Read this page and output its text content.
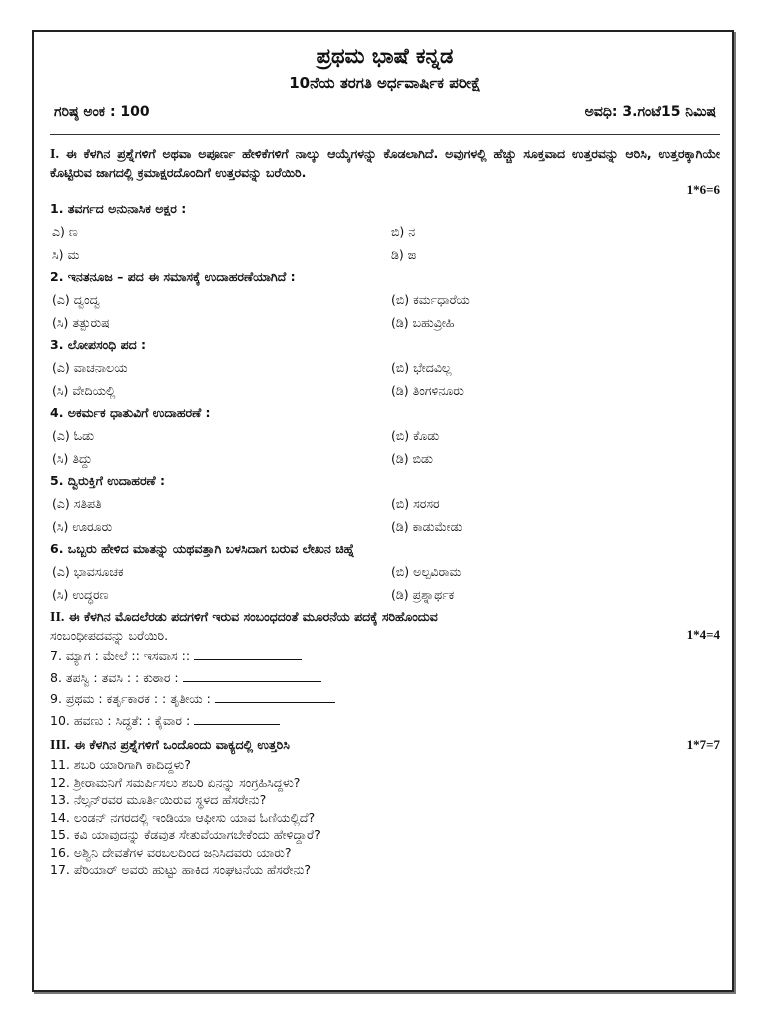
ಪ್ರಥಮ ಭಾಷೆ ಕನ್ನಡ

10ನೆಯ ತರಗತಿ ಅರ್ಧವಾರ್ಷಿಕ ಪರೀಕ್ಷೆ

ಗರಿಷ್ಠ ಅಂಕ : 100	ಅವಧಿ: 3.ಗಂಟೆ15 ನಿಮಿಷ

I. ಈ ಕೆಳಗಿನ ಪ್ರಶ್ನೆಗಳಿಗೆ ಅಥವಾ ಅಪೂರ್ಣ ಹೇಳಿಕೆಗಳಿಗೆ ನಾಲ್ಕು ಆಯ್ಕೆಗಳನ್ನು ಕೊಡಲಾಗಿದೆ. ಅವುಗಳಲ್ಲಿ ಹೆಚ್ಚು ಸೂಕ್ತವಾದ ಉತ್ತರವನ್ನು ಆರಿಸಿ, ಉತ್ತರಕ್ಕಾಗಿಯೇ ಕೊಟ್ಟಿರುವ ಜಾಗದಲ್ಲಿ ಕ್ರಮಾಕ್ಷರದೊಂದಿಗೆ ಉತ್ತರವನ್ನು ಬರೆಯಿರಿ.

1*6=6

1. ತವರ್ಗದ ಅನುನಾಸಿಕ ಅಕ್ಷರ :

ಎ) ಣ	ಬಿ) ನ
ಸಿ) ಮ	ಡಿ) ಙ

2. ಇನತನೂಜ – ಪದ ಈ ಸಮಾಸಕ್ಕೆ ಉದಾಹರಣೆಯಾಗಿದೆ :

(ಎ) ದ್ವಂದ್ವ	(ಬಿ) ಕರ್ಮಧಾರೆಯ
(ಸಿ) ತತ್ಪುರುಷ	(ಡಿ) ಬಹುವ್ರೀಹಿ

3. ಲೋಪಸಂಧಿ ಪದ :

(ಎ) ವಾಚನಾಲಯ	(ಬಿ) ಭೇದವಿಲ್ಲ
(ಸಿ) ವೇದಿಯಲ್ಲಿ	(ಡಿ) ತಿಂಗಳಿನೂರು

4. ಅಕರ್ಮಕ ಧಾತುವಿಗೆ ಉದಾಹರಣೆ :

(ಎ) ಓಡು	(ಬಿ) ಕೊಡು
(ಸಿ) ತಿದ್ದು	(ಡಿ) ಬಿಡು

5. ದ್ವಿರುಕ್ತಿಗೆ ಉದಾಹರಣೆ :

(ಎ) ಸತಿಪತಿ	(ಬಿ) ಸರಸರ
(ಸಿ) ಊರೂರು	(ಡಿ) ಕಾಡುಮೇಡು

6. ಒಬ್ಬರು ಹೇಳಿದ ಮಾತನ್ನು ಯಥವತ್ತಾಗಿ ಬಳಸಿದಾಗ ಬರುವ ಲೇಖನ ಚಿಹ್ನೆ

(ಎ) ಭಾವಸೂಚಕ	(ಬಿ) ಅಲ್ಪವಿರಾಮ
(ಸಿ) ಉದ್ಧರಣ	(ಡಿ) ಪ್ರಶ್ನಾರ್ಥಕ

II. ಈ ಕೆಳಗಿನ ಮೊದಲೆರಡು ಪದಗಳಿಗೆ ಇರುವ ಸಂಬಂಧದಂತೆ ಮೂರನೆಯ ಪದಕ್ಕೆ ಸರಿಹೊಂದುವ

ಸಂಬಂಧೀಪದವನ್ನು ಬರೆಯಿರಿ.	1*4=4

7. ಮ್ಯಾಗ : ಮೇಲೆ :: ಇಸವಾಸ ::

8. ತಪಸ್ವಿ : ತವಸಿ : : ಕುಠಾರ :

9. ಪ್ರಥಮ : ಕರ್ತೃಕಾರಕ : : ತೃತೀಯ :

10. ಹವಣು : ಸಿದ್ಧತೆ: : ಕೈವಾರ :

III. ಈ ಕೆಳಗಿನ ಪ್ರಶ್ನೆಗಳಿಗೆ ಒಂದೊಂದು ವಾಕ್ಯದಲ್ಲಿ ಉತ್ತರಿಸಿ	1*7=7

11. ಶಬರಿ ಯಾರಿಗಾಗಿ ಕಾದಿದ್ದಳು?

12. ಶ್ರೀರಾಮನಿಗೆ ಸಮರ್ಪಿಸಲು ಶಬರಿ ಏನನ್ನು ಸಂಗ್ರಹಿಸಿದ್ದಳು?

13. ನೆಲ್ಸನ್‌ರವರ ಮೂರ್ತಿಯಿರುವ ಸ್ಥಳದ ಹೆಸರೇನು?

14. ಲಂಡನ್ ನಗರದಲ್ಲಿ ಇಂಡಿಯಾ ಆಫೀಸು ಯಾವ ಓಣಿಯಲ್ಲಿದೆ?

15. ಕವಿ ಯಾವುದನ್ನು ಕೆಡವುತ ಸೇತುವೆಯಾಗಬೇಕೆಂದು ಹೇಳಿದ್ದಾರೆ?

16. ಅಶ್ವಿನಿ ದೇವತೆಗಳ ವರಬಲದಿಂದ ಜನಿಸಿದವರು ಯಾರು?

17. ಪೆರಿಯಾರ್ ಅವರು ಹುಟ್ಟು ಹಾಕಿದ ಸಂಘಟನೆಯ ಹೆಸರೇನು?
